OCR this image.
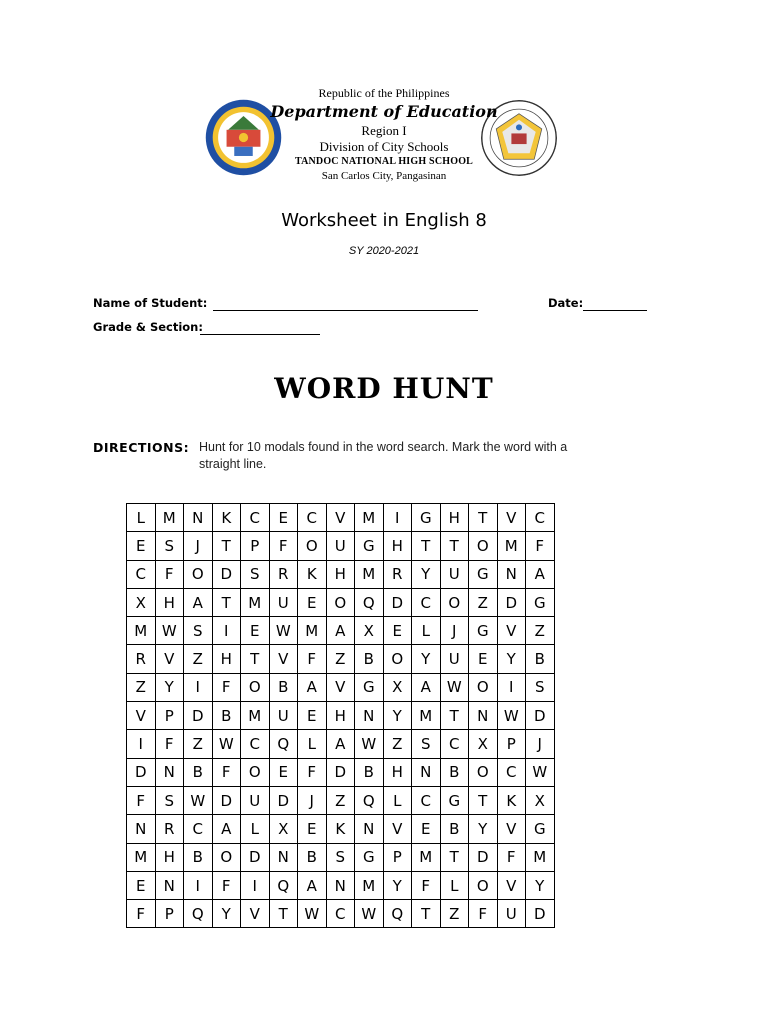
Republic of the Philippines
Department of Education
Region I
Division of City Schools
TANDOC NATIONAL HIGH SCHOOL
San Carlos City, Pangasinan
Worksheet in English 8
SY 2020-2021
Name of Student:	Date:
Grade & Section:
WORD HUNT
DIRECTIONS: Hunt for 10 modals found in the word search. Mark the word with a straight line.
L	M	N	K	C	E	C	V	M	I	G	H	T	V	C
E	S	J	T	P	F	O	U	G	H	T	T	O	M	F
C	F	O	D	S	R	K	H	M	R	Y	U	G	N	A
X	H	A	T	M	U	E	O	Q	D	C	O	Z	D	G
M	W	S	I	E	W	M	A	X	E	L	J	G	V	Z
R	V	Z	H	T	V	F	Z	B	O	Y	U	E	Y	B
Z	Y	I	F	O	B	A	V	G	X	A	W	O	I	S
V	P	D	B	M	U	E	H	N	Y	M	T	N	W	D
I	F	Z	W	C	Q	L	A	W	Z	S	C	X	P	J
D	N	B	F	O	E	F	D	B	H	N	B	O	C	W
F	S	W	D	U	D	J	Z	Q	L	C	G	T	K	X
N	R	C	A	L	X	E	K	N	V	E	B	Y	V	G
M	H	B	O	D	N	B	S	G	P	M	T	D	F	M
E	N	I	F	I	Q	A	N	M	Y	F	L	O	V	Y
F	P	Q	Y	V	T	W	C	W	Q	T	Z	F	U	D
